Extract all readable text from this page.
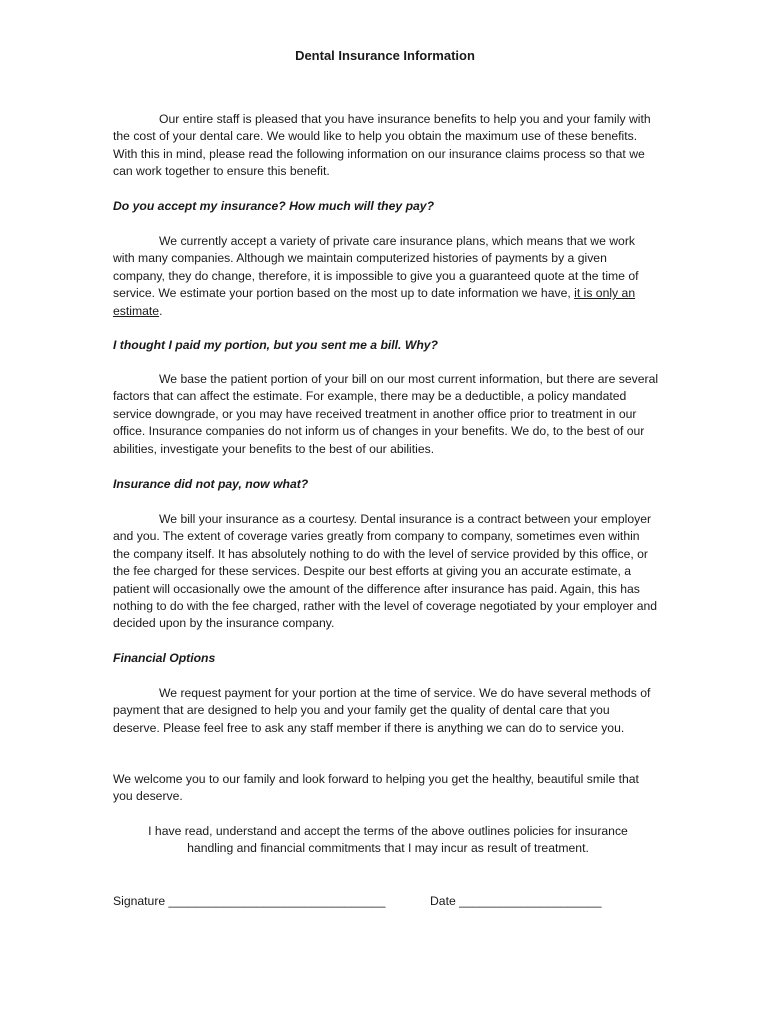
Dental Insurance Information

Our entire staff is pleased that you have insurance benefits to help you and your family with the cost of your dental care. We would like to help you obtain the maximum use of these benefits. With this in mind, please read the following information on our insurance claims process so that we can work together to ensure this benefit.

Do you accept my insurance? How much will they pay?

We currently accept a variety of private care insurance plans, which means that we work with many companies. Although we maintain computerized histories of payments by a given company, they do change, therefore, it is impossible to give you a guaranteed quote at the time of service. We estimate your portion based on the most up to date information we have, it is only an estimate.

I thought I paid my portion, but you sent me a bill. Why?

We base the patient portion of your bill on our most current information, but there are several factors that can affect the estimate. For example, there may be a deductible, a policy mandated service downgrade, or you may have received treatment in another office prior to treatment in our office. Insurance companies do not inform us of changes in your benefits. We do, to the best of our abilities, investigate your benefits to the best of our abilities.

Insurance did not pay, now what?

We bill your insurance as a courtesy. Dental insurance is a contract between your employer and you. The extent of coverage varies greatly from company to company, sometimes even within the company itself. It has absolutely nothing to do with the level of service provided by this office, or the fee charged for these services. Despite our best efforts at giving you an accurate estimate, a patient will occasionally owe the amount of the difference after insurance has paid. Again, this has nothing to do with the fee charged, rather with the level of coverage negotiated by your employer and decided upon by the insurance company.

Financial Options

We request payment for your portion at the time of service. We do have several methods of payment that are designed to help you and your family get the quality of dental care that you deserve. Please feel free to ask any staff member if there is anything we can do to service you.

We welcome you to our family and look forward to helping you get the healthy, beautiful smile that you deserve.

I have read, understand and accept the terms of the above outlines policies for insurance handling and financial commitments that I may incur as result of treatment.

Signature ________________________________	Date _____________________
